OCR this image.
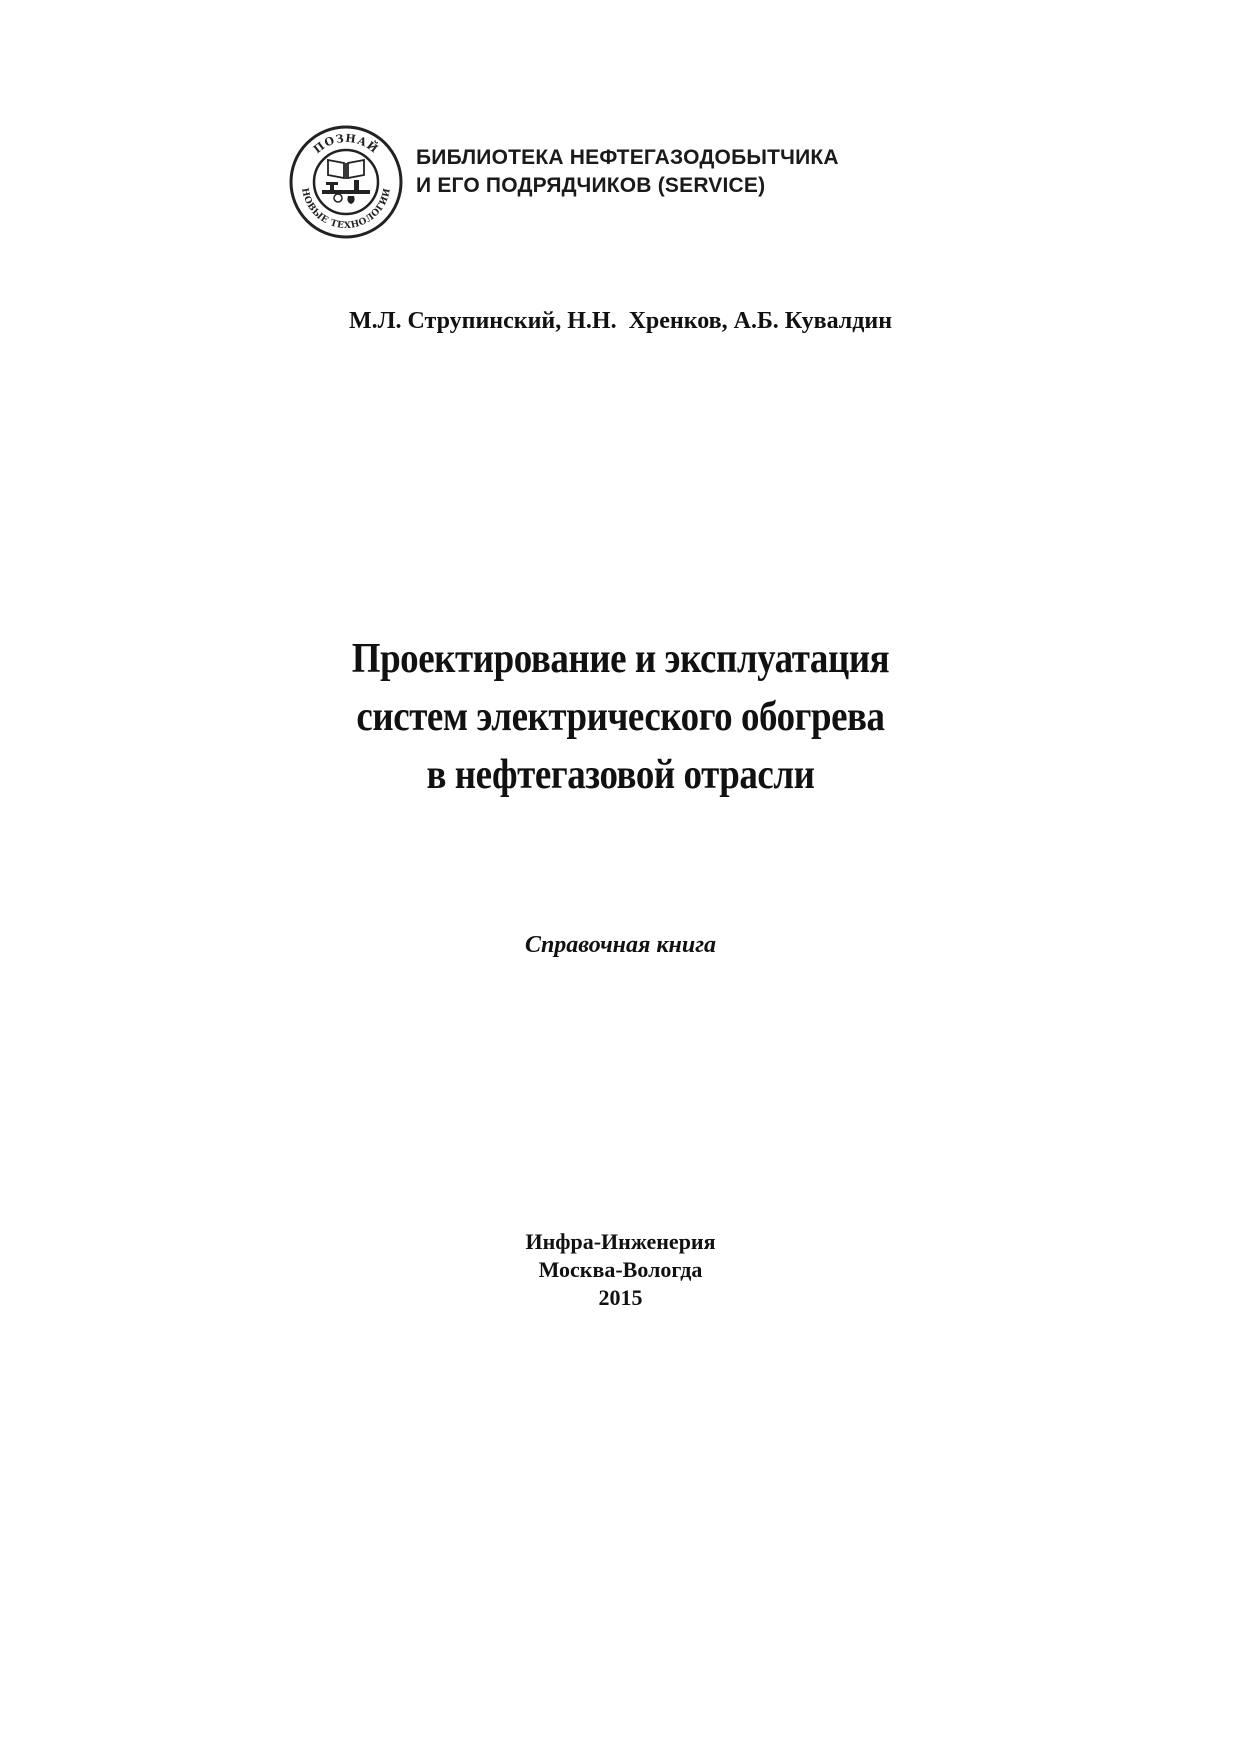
ПОЗНАЙ
НОВЫЕ ТЕХНОЛОГИИ
БИБЛИОТЕКА НЕФТЕГАЗОДОБЫТЧИКА
И ЕГО ПОДРЯДЧИКОВ (SERVICE)
М.Л. Струпинский, Н.Н.  Хренков, А.Б. Кувалдин
Проектирование и эксплуатация
систем электрического обогрева
в нефтегазовой отрасли
Справочная книга
Инфра-Инженерия
Москва-Вологда
2015
